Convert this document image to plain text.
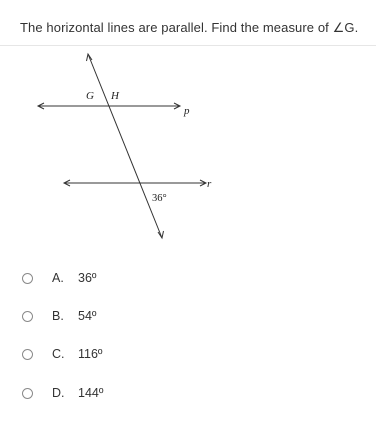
The horizontal lines are parallel. Find the measure of ∠G.
G H
p
r
36°
A. 36º
B. 54º
C. 116º
D. 144º
